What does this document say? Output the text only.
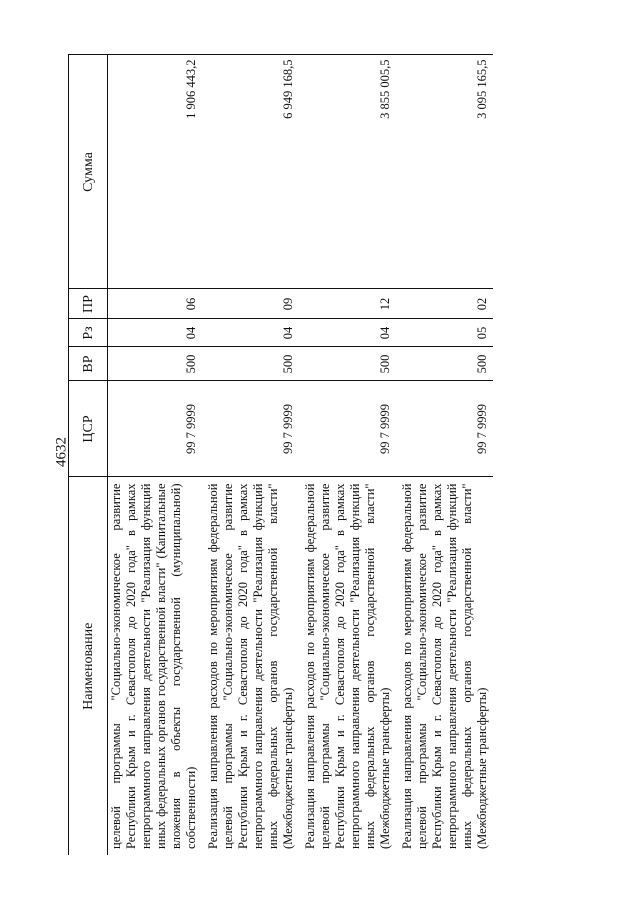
4632
Наименование	ЦСР	ВР	Рз	ПР	Сумма
целевой программы "Социально-экономическое развитие Республики Крым и г. Севастополя до 2020 года" в рамках непрограммного направления деятельности "Реализация функций иных федеральных органов государственной власти" (Капитальные вложения в объекты государственной (муниципальной) собственности)	99 7 9999	500	04	06	1 906 443,2
Реализация направления расходов по мероприятиям федеральной целевой программы "Социально-экономическое развитие Республики Крым и г. Севастополя до 2020 года" в рамках непрограммного направления деятельности "Реализация функций иных федеральных органов государственной власти" (Межбюджетные трансферты)	99 7 9999	500	04	09	6 949 168,5
Реализация направления расходов по мероприятиям федеральной целевой программы "Социально-экономическое развитие Республики Крым и г. Севастополя до 2020 года" в рамках непрограммного направления деятельности "Реализация функций иных федеральных органов государственной власти" (Межбюджетные трансферты)	99 7 9999	500	04	12	3 855 005,5
Реализация направления расходов по мероприятиям федеральной целевой программы "Социально-экономическое развитие Республики Крым и г. Севастополя до 2020 года" в рамках непрограммного направления деятельности "Реализация функций иных федеральных органов государственной власти" (Межбюджетные трансферты)	99 7 9999	500	05	02	3 095 165,5
